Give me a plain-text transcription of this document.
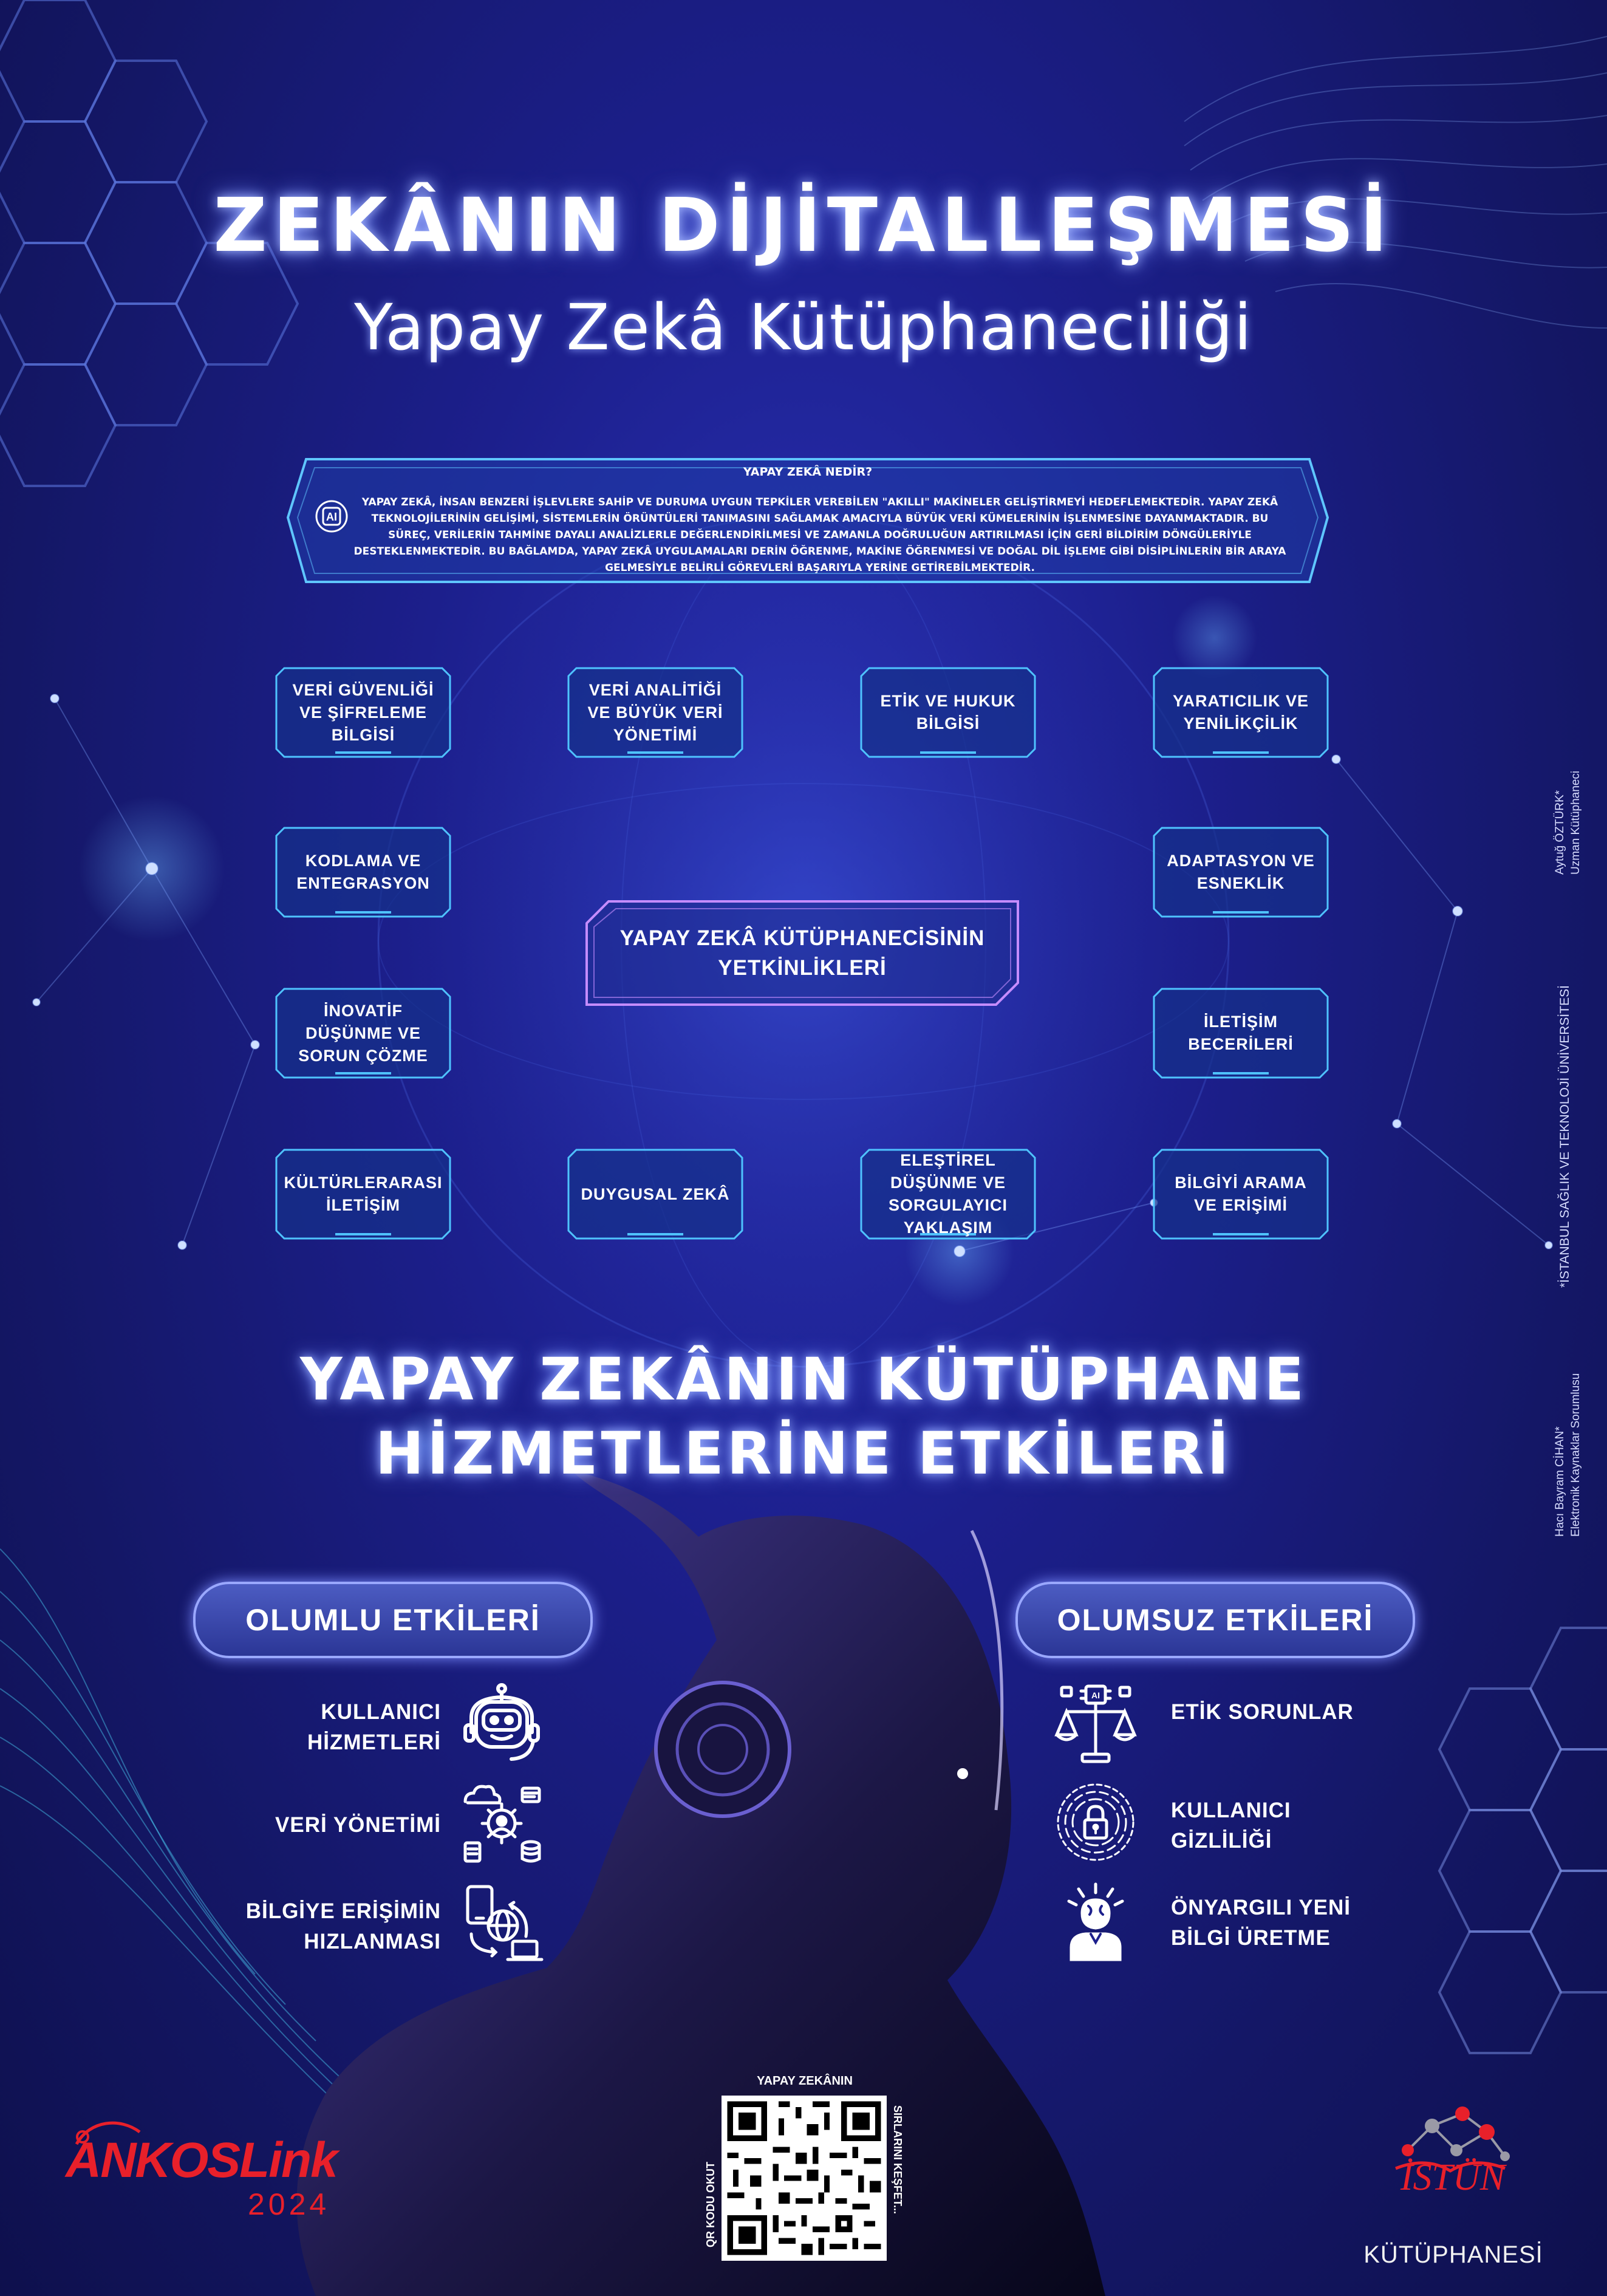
ZEKÂNIN DİJİTALLEŞMESİ
Yapay Zekâ Kütüphaneciliği
YAPAY ZEKÂ NEDİR?
AI
YAPAY ZEKÂ, İNSAN BENZERİ İŞLEVLERE SAHİP VE DURUMA UYGUN TEPKİLER VEREBİLEN "AKILLI" MAKİNELER GELİŞTİRMEYİ HEDEFLEMEKTEDİR. YAPAY ZEKÂ TEKNOLOJİLERİNİN GELİŞİMİ, SİSTEMLERİN ÖRÜNTÜLERİ TANIMASINI SAĞLAMAK AMACIYLA BÜYÜK VERİ KÜMELERİNİN İŞLENMESİNE DAYANMAKTADIR. BU SÜREÇ, VERİLERİN TAHMİNE DAYALI ANALİZLERLE DEĞERLENDİRİLMESİ VE ZAMANLA DOĞRULUĞUN ARTIRILMASI İÇİN GERİ BİLDİRİM DÖNGÜLERİYLE DESTEKLENMEKTEDİR. BU BAĞLAMDA, YAPAY ZEKÂ UYGULAMALARI DERİN ÖĞRENME, MAKİNE ÖĞRENMESİ VE DOĞAL DİL İŞLEME GİBİ DİSİPLİNLERİN BİR ARAYA GELMESİYLE BELİRLİ GÖREVLERİ BAŞARIYLA YERİNE GETİREBİLMEKTEDİR.
VERİ GÜVENLİĞİ VE ŞİFRELEME BİLGİSİ
VERİ ANALİTİĞİ VE BÜYÜK VERİ YÖNETİMİ
ETİK VE HUKUK BİLGİSİ
YARATICILIK VE YENİLİKÇİLİK
KODLAMA VE ENTEGRASYON
ADAPTASYON VE ESNEKLİK
İNOVATİF DÜŞÜNME VE SORUN ÇÖZME
İLETİŞİM BECERİLERİ
KÜLTÜRLERARASI İLETİŞİM
DUYGUSAL ZEKÂ
ELEŞTİREL DÜŞÜNME VE SORGULAYICI YAKLAŞIM
BİLGİYİ ARAMA VE ERİŞİMİ
YAPAY ZEKÂ KÜTÜPHANECİSİNİN YETKİNLİKLERİ
YAPAY ZEKÂNIN KÜTÜPHANE
HİZMETLERİNE ETKİLERİ
OLUMLU ETKİLERİ	OLUMSUZ ETKİLERİ
KULLANICI HİZMETLERİ
VERİ YÖNETİMİ
BİLGİYE ERİŞİMİN HIZLANMASI
AI
ETİK SORUNLAR
KULLANICI GİZLİLİĞİ
ÖNYARGILI YENİ BİLGİ ÜRETME
Aytuğ ÖZTÜRK* Uzman Kütüphaneci
*İSTANBUL SAĞLIK VE TEKNOLOJİ ÜNİVERSİTESİ
Hacı Bayram CİHAN* Elektronik Kaynaklar Sorumlusu
YAPAY ZEKÂNIN
QR KODU OKUT	SIRLARINI KEŞFET...
ANKOSLink
2024
İSTÜN
KÜTÜPHANESİ
